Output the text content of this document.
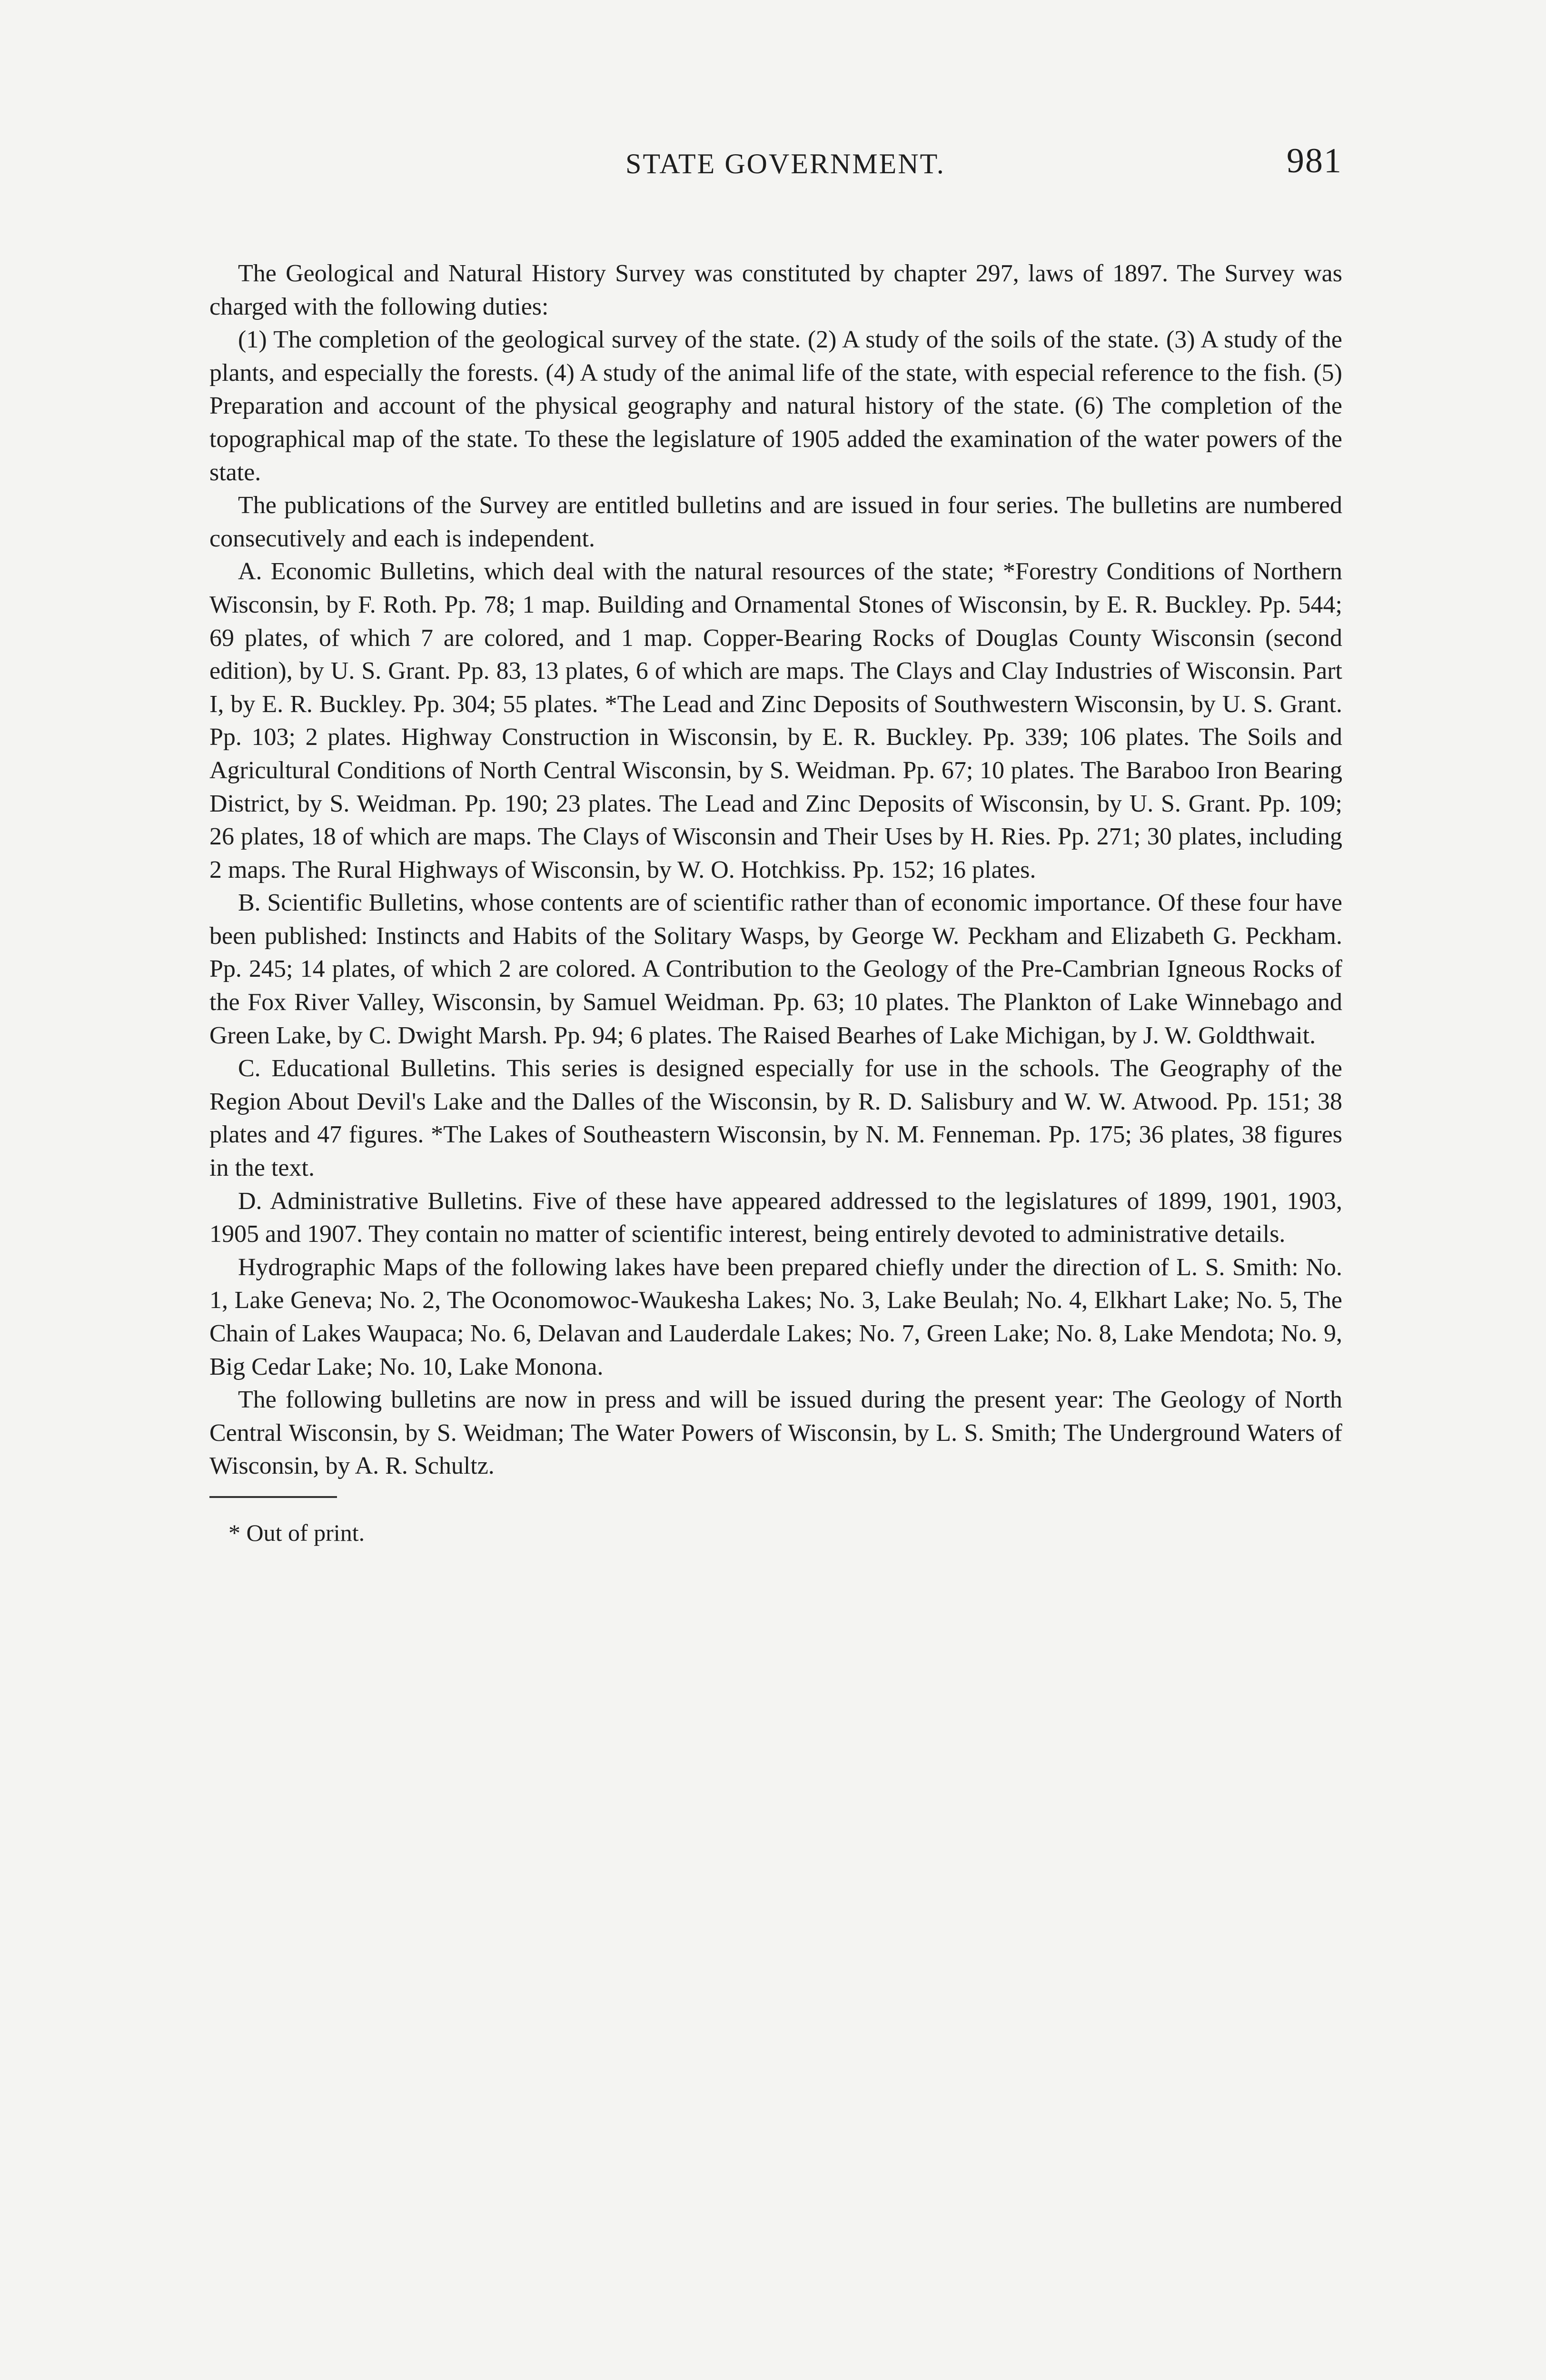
STATE GOVERNMENT.	981

The Geological and Natural History Survey was constituted by chapter 297, laws of 1897. The Survey was charged with the following duties:

(1) The completion of the geological survey of the state. (2) A study of the soils of the state. (3) A study of the plants, and especially the forests. (4) A study of the animal life of the state, with especial reference to the fish. (5) Preparation and account of the physical geography and natural history of the state. (6) The completion of the topographical map of the state. To these the legislature of 1905 added the examination of the water powers of the state.

The publications of the Survey are entitled bulletins and are issued in four series. The bulletins are numbered consecutively and each is independent.

A. Economic Bulletins, which deal with the natural resources of the state; *Forestry Conditions of Northern Wisconsin, by F. Roth. Pp. 78; 1 map. Building and Ornamental Stones of Wisconsin, by E. R. Buckley. Pp. 544; 69 plates, of which 7 are colored, and 1 map. Copper-Bearing Rocks of Douglas County Wisconsin (second edition), by U. S. Grant. Pp. 83, 13 plates, 6 of which are maps. The Clays and Clay Industries of Wisconsin. Part I, by E. R. Buckley. Pp. 304; 55 plates. *The Lead and Zinc Deposits of Southwestern Wisconsin, by U. S. Grant. Pp. 103; 2 plates. Highway Construction in Wisconsin, by E. R. Buckley. Pp. 339; 106 plates. The Soils and Agricultural Conditions of North Central Wisconsin, by S. Weidman. Pp. 67; 10 plates. The Baraboo Iron Bearing District, by S. Weidman. Pp. 190; 23 plates. The Lead and Zinc Deposits of Wisconsin, by U. S. Grant. Pp. 109; 26 plates, 18 of which are maps. The Clays of Wisconsin and Their Uses by H. Ries. Pp. 271; 30 plates, including 2 maps. The Rural Highways of Wisconsin, by W. O. Hotchkiss. Pp. 152; 16 plates.

B. Scientific Bulletins, whose contents are of scientific rather than of economic importance. Of these four have been published: Instincts and Habits of the Solitary Wasps, by George W. Peckham and Elizabeth G. Peckham. Pp. 245; 14 plates, of which 2 are colored. A Contribution to the Geology of the Pre-Cambrian Igneous Rocks of the Fox River Valley, Wisconsin, by Samuel Weidman. Pp. 63; 10 plates. The Plankton of Lake Winnebago and Green Lake, by C. Dwight Marsh. Pp. 94; 6 plates. The Raised Bearhes of Lake Michigan, by J. W. Goldthwait.

C. Educational Bulletins. This series is designed especially for use in the schools. The Geography of the Region About Devil's Lake and the Dalles of the Wisconsin, by R. D. Salisbury and W. W. Atwood. Pp. 151; 38 plates and 47 figures. *The Lakes of Southeastern Wisconsin, by N. M. Fenneman. Pp. 175; 36 plates, 38 figures in the text.

D. Administrative Bulletins. Five of these have appeared addressed to the legislatures of 1899, 1901, 1903, 1905 and 1907. They contain no matter of scientific interest, being entirely devoted to administrative details.

Hydrographic Maps of the following lakes have been prepared chiefly under the direction of L. S. Smith: No. 1, Lake Geneva; No. 2, The Oconomowoc-Waukesha Lakes; No. 3, Lake Beulah; No. 4, Elkhart Lake; No. 5, The Chain of Lakes Waupaca; No. 6, Delavan and Lauderdale Lakes; No. 7, Green Lake; No. 8, Lake Mendota; No. 9, Big Cedar Lake; No. 10, Lake Monona.

The following bulletins are now in press and will be issued during the present year: The Geology of North Central Wisconsin, by S. Weidman; The Water Powers of Wisconsin, by L. S. Smith; The Underground Waters of Wisconsin, by A. R. Schultz.

* Out of print.
